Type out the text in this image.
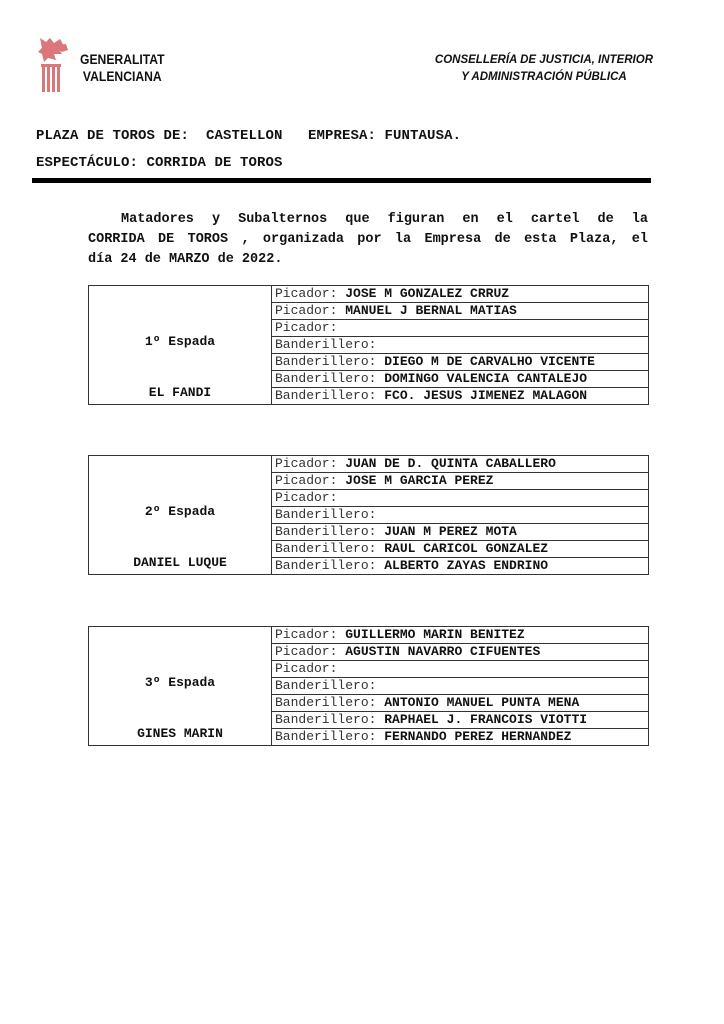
GENERALITAT
VALENCIANA
CONSELLERÍA DE JUSTICIA, INTERIOR
Y ADMINISTRACIÓN PÚBLICA
PLAZA DE TOROS DE:  CASTELLON   EMPRESA: FUNTAUSA.
ESPECTÁCULO: CORRIDA DE TOROS
Matadores y Subalternos que figuran en el cartel de la
CORRIDA DE TOROS , organizada por la Empresa de esta Plaza, el
día 24 de MARZO de 2022.
1º Espada
EL FANDI
	Picador: JOSE M GONZALEZ CRRUZ
Picador: MANUEL J BERNAL MATIAS
Picador:
Banderillero:
Banderillero: DIEGO M DE CARVALHO VICENTE
Banderillero: DOMINGO VALENCIA CANTALEJO
Banderillero: FCO. JESUS JIMENEZ MALAGON
2º Espada
DANIEL LUQUE
	Picador: JUAN DE D. QUINTA CABALLERO
Picador: JOSE M GARCIA PEREZ
Picador:
Banderillero:
Banderillero: JUAN M PEREZ MOTA
Banderillero: RAUL CARICOL GONZALEZ
Banderillero: ALBERTO ZAYAS ENDRINO
3º Espada
GINES MARIN
	Picador: GUILLERMO MARIN BENITEZ
Picador: AGUSTIN NAVARRO CIFUENTES
Picador:
Banderillero:
Banderillero: ANTONIO MANUEL PUNTA MENA
Banderillero: RAPHAEL J. FRANCOIS VIOTTI
Banderillero: FERNANDO PEREZ HERNANDEZ
